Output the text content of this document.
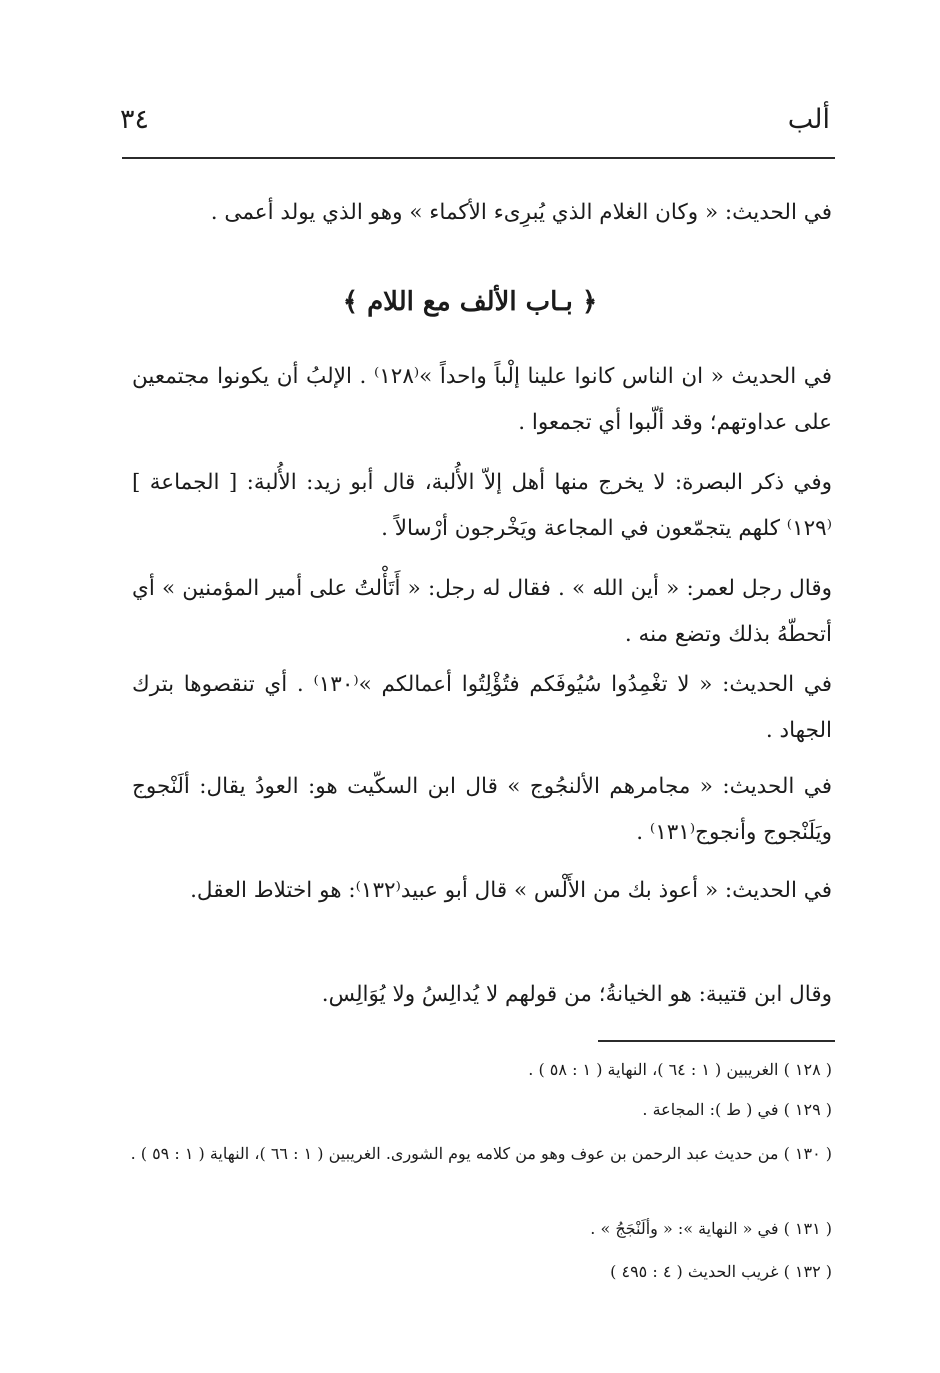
ألب
٣٤
في الحديث: « وكان الغلام الذي يُبرِىء الأكماء » وهو الذي يولد أعمى .
﴿ بـاب الألف مع اللام ﴾
في الحديث « ان الناس كانوا علينا إلْباً واحداً »⁽١٢٨⁾ . الإلبُ أن يكونوا مجتمعين على عداوتهم؛ وقد ألّبوا أي تجمعوا .
وفي ذكر البصرة: لا يخرج منها أهل إلاّ الأُلبة، قال أبو زيد: الأُلبة: [ الجماعة ]⁽١٢٩⁾ كلهم يتجمّعون في المجاعة ويَخْرجون أرْسالاً .
وقال رجل لعمر: « أين الله » . فقال له رجل: « أَتَأْلتُ على أمير المؤمنين » أي أتحطّهُ بذلك وتضع منه .
في الحديث: « لا تغْمِدُوا سُيُوفَكم فتُؤْلِتُوا أعمالكم »⁽١٣٠⁾ . أي تنقصوها بترك الجهاد .
في الحديث: « مجامرهم الألنجُوج » قال ابن السكّيت هو: العودُ يقال: ألَنْجوج ويَلَنْجوج وأنجوج⁽١٣١⁾ .
في الحديث: « أعوذ بك من الأَلْس » قال أبو عبيد⁽١٣٢⁾: هو اختلاط العقل.
وقال ابن قتيبة: هو الخيانةُ؛ من قولهم لا يُدالِسُ ولا يُوَالِس.
( ١٢٨ ) الغريبين ( ١ : ٦٤ )، النهاية ( ١ : ٥٨ ) .
( ١٢٩ ) في ( ط ): المجاعة .
( ١٣٠ ) من حديث عبد الرحمن بن عوف وهو من كلامه يوم الشورى. الغريبين ( ١ : ٦٦ )، النهاية ( ١ : ٥٩ ) .
( ١٣١ ) في « النهاية »: « وألَنْجَجُ » .
( ١٣٢ ) غريب الحديث ( ٤ : ٤٩٥ )
